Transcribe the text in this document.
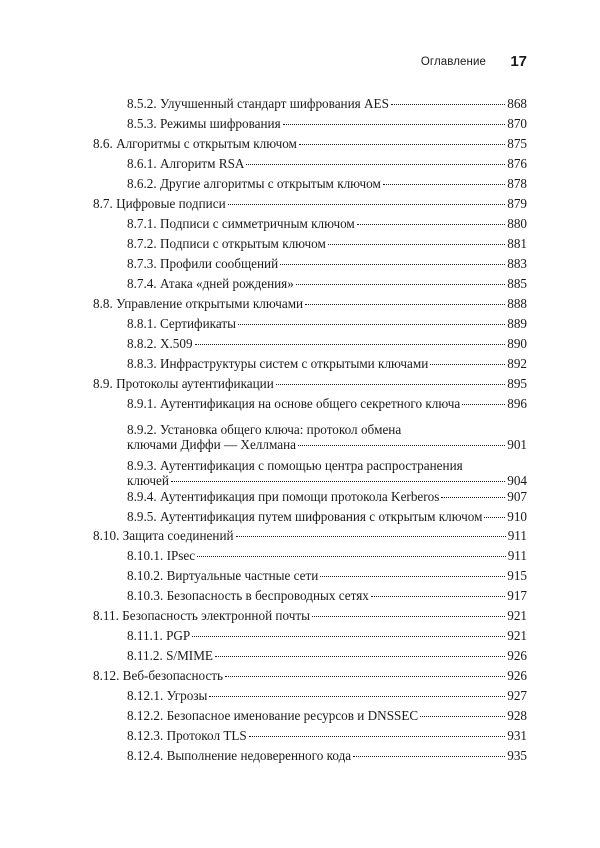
Оглавление 17
8.5.2. Улучшенный стандарт шифрования AES	868
8.5.3. Режимы шифрования	870
8.6. Алгоритмы с открытым ключом	875
8.6.1. Алгоритм RSA	876
8.6.2. Другие алгоритмы с открытым ключом	878
8.7. Цифровые подписи	879
8.7.1. Подписи с симметричным ключом	880
8.7.2. Подписи с открытым ключом	881
8.7.3. Профили сообщений	883
8.7.4. Атака «дней рождения»	885
8.8. Управление открытыми ключами	888
8.8.1. Сертификаты	889
8.8.2. X.509	890
8.8.3. Инфраструктуры систем с открытыми ключами	892
8.9. Протоколы аутентификации	895
8.9.1. Аутентификация на основе общего секретного ключа	896
8.9.2. Установка общего ключа: протокол обмена
ключами Диффи — Хеллмана	901
8.9.3. Аутентификация с помощью центра распространения
ключей	904
8.9.4. Аутентификация при помощи протокола Kerberos	907
8.9.5. Аутентификация путем шифрования с открытым ключом 910
8.10. Защита соединений	911
8.10.1. IPsec	911
8.10.2. Виртуальные частные сети	915
8.10.3. Безопасность в беспроводных сетях	917
8.11. Безопасность электронной почты	921
8.11.1. PGP	921
8.11.2. S/MIME	926
8.12. Веб-безопасность	926
8.12.1. Угрозы	927
8.12.2. Безопасное именование ресурсов и DNSSEC	928
8.12.3. Протокол TLS	931
8.12.4. Выполнение недоверенного кода	935
